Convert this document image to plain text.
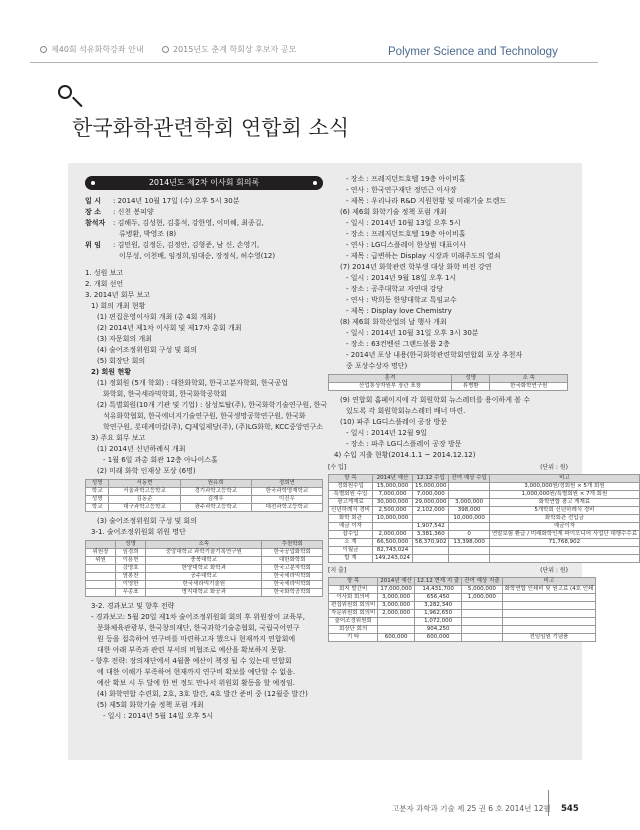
제40회 석유화학강좌 안내	2015년도 춘계 학회상 후보자 공모	Polymer Science and Technology
한국화학관련학회 연합회 소식
2014년도 제2차 이사회 회의록
일 시	: 2014년 10월 17일 (수) 오후 5시 30분
장 소	: 신천 봉피양
참석자	: 김해두, 김성현, 김홍석, 강한영, 이미혜, 최종길,
류병환, 박영조 (8)
위 임	: 김민원, 김정돈, 김정안, 김형준, 남 신, 손영기,
이무성, 이천배, 임정희,임대순, 장정식, 허수영(12)
1. 성원 보고
2. 개회 선언
3. 2014년 회무 보고
1) 회의 개최 현황
(1) 편집운영이사회 개최 (총 4회 개최)
(2) 2014년 제1차 이사회 및 제17차 총회 개최
(3) 자문회의 개최
(4) 술어조정위원회 구성 및 회의
(5) 회장단 회의
2) 회원 현황
(1) 정회원 (5개 학회) : 대한화학회, 한국고분자학회, 한국공업
화학회, 한국세라믹학회, 한국화학공학회
(2) 특별회원(10개 기관 및 기업) : 삼성토탈(주), 한국화학기술연구원, 한국
석유화학협회, 한국에너지기술연구원, 한국생명공학연구원, 한국화
학연구원, 롯데케미칼(주), CJ제일제당(주), (주)LG화학, KCC중앙연구소
3) 주요 회무 보고
(1) 2014년 신년하례식 개최
- 1월 6일 과총 회관 12층 아나이스홀
(2) 미래 화학 인재상 포상 (6명)
성명	서동현	원유희	정희연
학교	서울과학고등학교	경기과학고등학교	한국과학영재학교
성명	김동준	김재우	이진우
학교	대구과학고등학교	광주과학고등학교	대전과학고등학교
(3) 술어조정위원회 구성 및 회의
3-1. 술어조정위원회 위원 명단
	성명	소속	추천학회
위원장	임경희	중앙대학교 과학기술기록연구원	한국공업화학회
위원	이용헌	충북대학교	대한화학회
	강영호	한양대학교 화학과	한국고분자학회
	염봉찬	공주대학교	한국세라믹학회
	이영한	한국세라믹기술원	한국세라믹학회
	무종표	명지대학교 화공과	한국화학공학회
3-2. 경과보고 및 향후 전략
- 경과보고: 5월 20일 제1차 술어조정위원회 회의 후 위원장이 교육부,
문화체육관광부, 한국창의재단, 한국과학기술총협회, 국립국어연구
원 등을 접촉하여 연구비를 마련하고자 했으나 현재까지 연합회에
대한 아래 부족과 관련 부서의 비협조로 예산을 확보하지 못함.
- 향후 전략: 장의재단에서 4월쯤 예산이 책정 될 수 있는데 연합회
에 대한 이해가 부족하여 현재까지 연구비 확보를 예단할 수 없음.
예산 확보 시 두 달에 한 번 정도 만나서 위원회 활동을 할 예정임.
(4) 화학연합 수련회, 2호, 3호 발간, 4호 발간 준비 중 (12월중 발간)
(5) 제5회 화학기술 정책 포럼 개최
- 일시 : 2014년 5월 14일 오후 5시
- 장소 : 프레지던트호텔 19층 아이비홀
- 연사 : 한국연구재단 정민근 이사장
- 제목 : 우리나라 R&D 지원현황 및 미래기술 트렌드
(6) 제6회 화학기술 정책 포럼 개최
- 일시 : 2014년 10월 13일 오후 5시
- 장소 : 프레지던트호텔 19층 아이비홀
- 연사 : LG디스플레이 한상범 대표이사
- 제목 : 급변하는 Display 시장과 미래주도의 열쇠
(7) 2014년 화학관련 학부생 대상 화학 비전 강연
- 일시 : 2014년 9월 18일 오후 1시
- 장소 : 공주대학교 자연대 강당
- 연사 : 박희동 한양대학교 특임교수
- 제목 : Display love Chemistry
(8) 제6회 화학산업의 날 행사 개최
- 일시 : 2014년 10월 31일 오후 3시 30분
- 장소 : 63컨벤션 그랜드볼룸 2층
- 2014년 포상 내용(한국화학관련학회연합회 포상 추천자
중 포상수상자 명단)
훈격	성명	소 속
산업통상자원부 장관 표창	류병환	한국화학연구원
(9) 연합회 홈페이지에 각 회원학회 뉴스레터를 용이하게 볼 수
있도록 각 회원학회뉴스레터 배너 마련.
(10) 파주 LG디스플레이 공장 방문
- 일시 : 2014년 12월 9일
- 장소 : 파주 LG디스플레이 공장 방문
4) 수입 지출 현황(2014.1.1 ~ 2014.12.12)
[수 입]	(단위 : 원)
항 목	2014년 예산	12.12 수입	잔여 예상 수입	비고
정회원수입	15,000,000	15,000,000		3,000,000원/정회원 × 5개 회원
특별회원 수입	7,000,000	7,000,000		1,000,000원/특별회원 × 7개 회원
광고게재료	30,000,000	29,000,000	3,000,000	화학연합 광고 게재료
신년하례식 경비	2,500,000	2,102,000	398,000	5개학회 신년하례식 경비
화학 회관	10,000,000		10,000,000	화학회관 전입금
예금 이자		1,907,542		예금이자
잡수입	2,000,000	3,381,360	0	연말보험 환급 / 미래화학인재 파이오니어 사업단 대행수수료
소 계	66,500,000	58,370,902	13,398,000	71,768,902
이월금	82,743,024			
합 계	149,243,024			
[지 출]	(단위 : 원)
항 목	2014년 예산	12.12 현재 지 출	잔여 예상 지출	비고
회지 발간비	17,000,000	14,431,700	5,000,000	화학연합 인쇄비 및 원고료 (4호 인쇄
이사회 회의비	3,000,000	656,450	1,000,000	
편집위원회 회의비	3,000,000	3,282,340		
자문위원회 회의비	2,000,000	1,962,650		
술어조정위원회		1,072,000		
회장단 회의		904,250		
기 타	600,000	600,000		전임임원 기념품
고분자 과학과 기술 제 25 권 6 호 2014년 12월 545
